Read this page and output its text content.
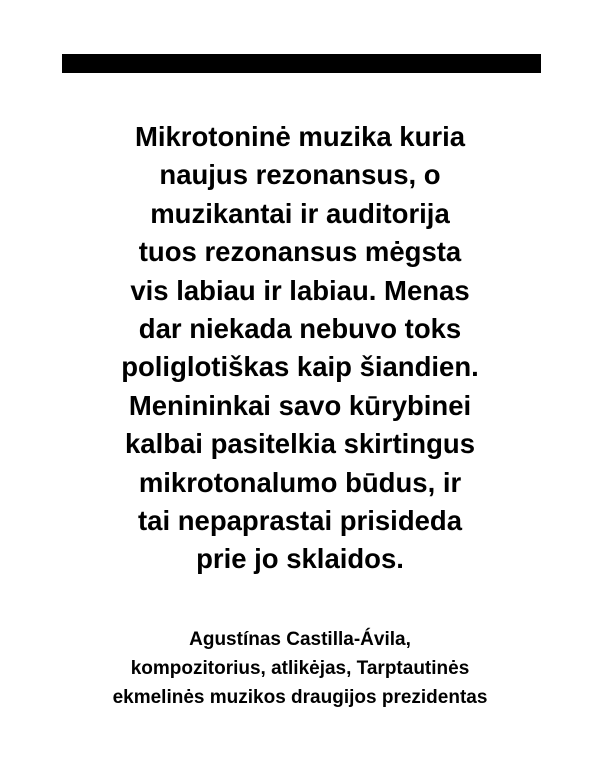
Mikrotoninė muzika kuria
naujus rezonansus, o
muzikantai ir auditorija
tuos rezonansus mėgsta
vis labiau ir labiau. Menas
dar niekada nebuvo toks
poliglotiškas kaip šiandien.
Menininkai savo kūrybinei
kalbai pasitelkia skirtingus
mikrotonalumo būdus, ir
tai nepaprastai prisideda
prie jo sklaidos.
Agustínas Castilla-Ávila,
kompozitorius, atlikėjas, Tarptautinės
ekmelinės muzikos draugijos prezidentas
